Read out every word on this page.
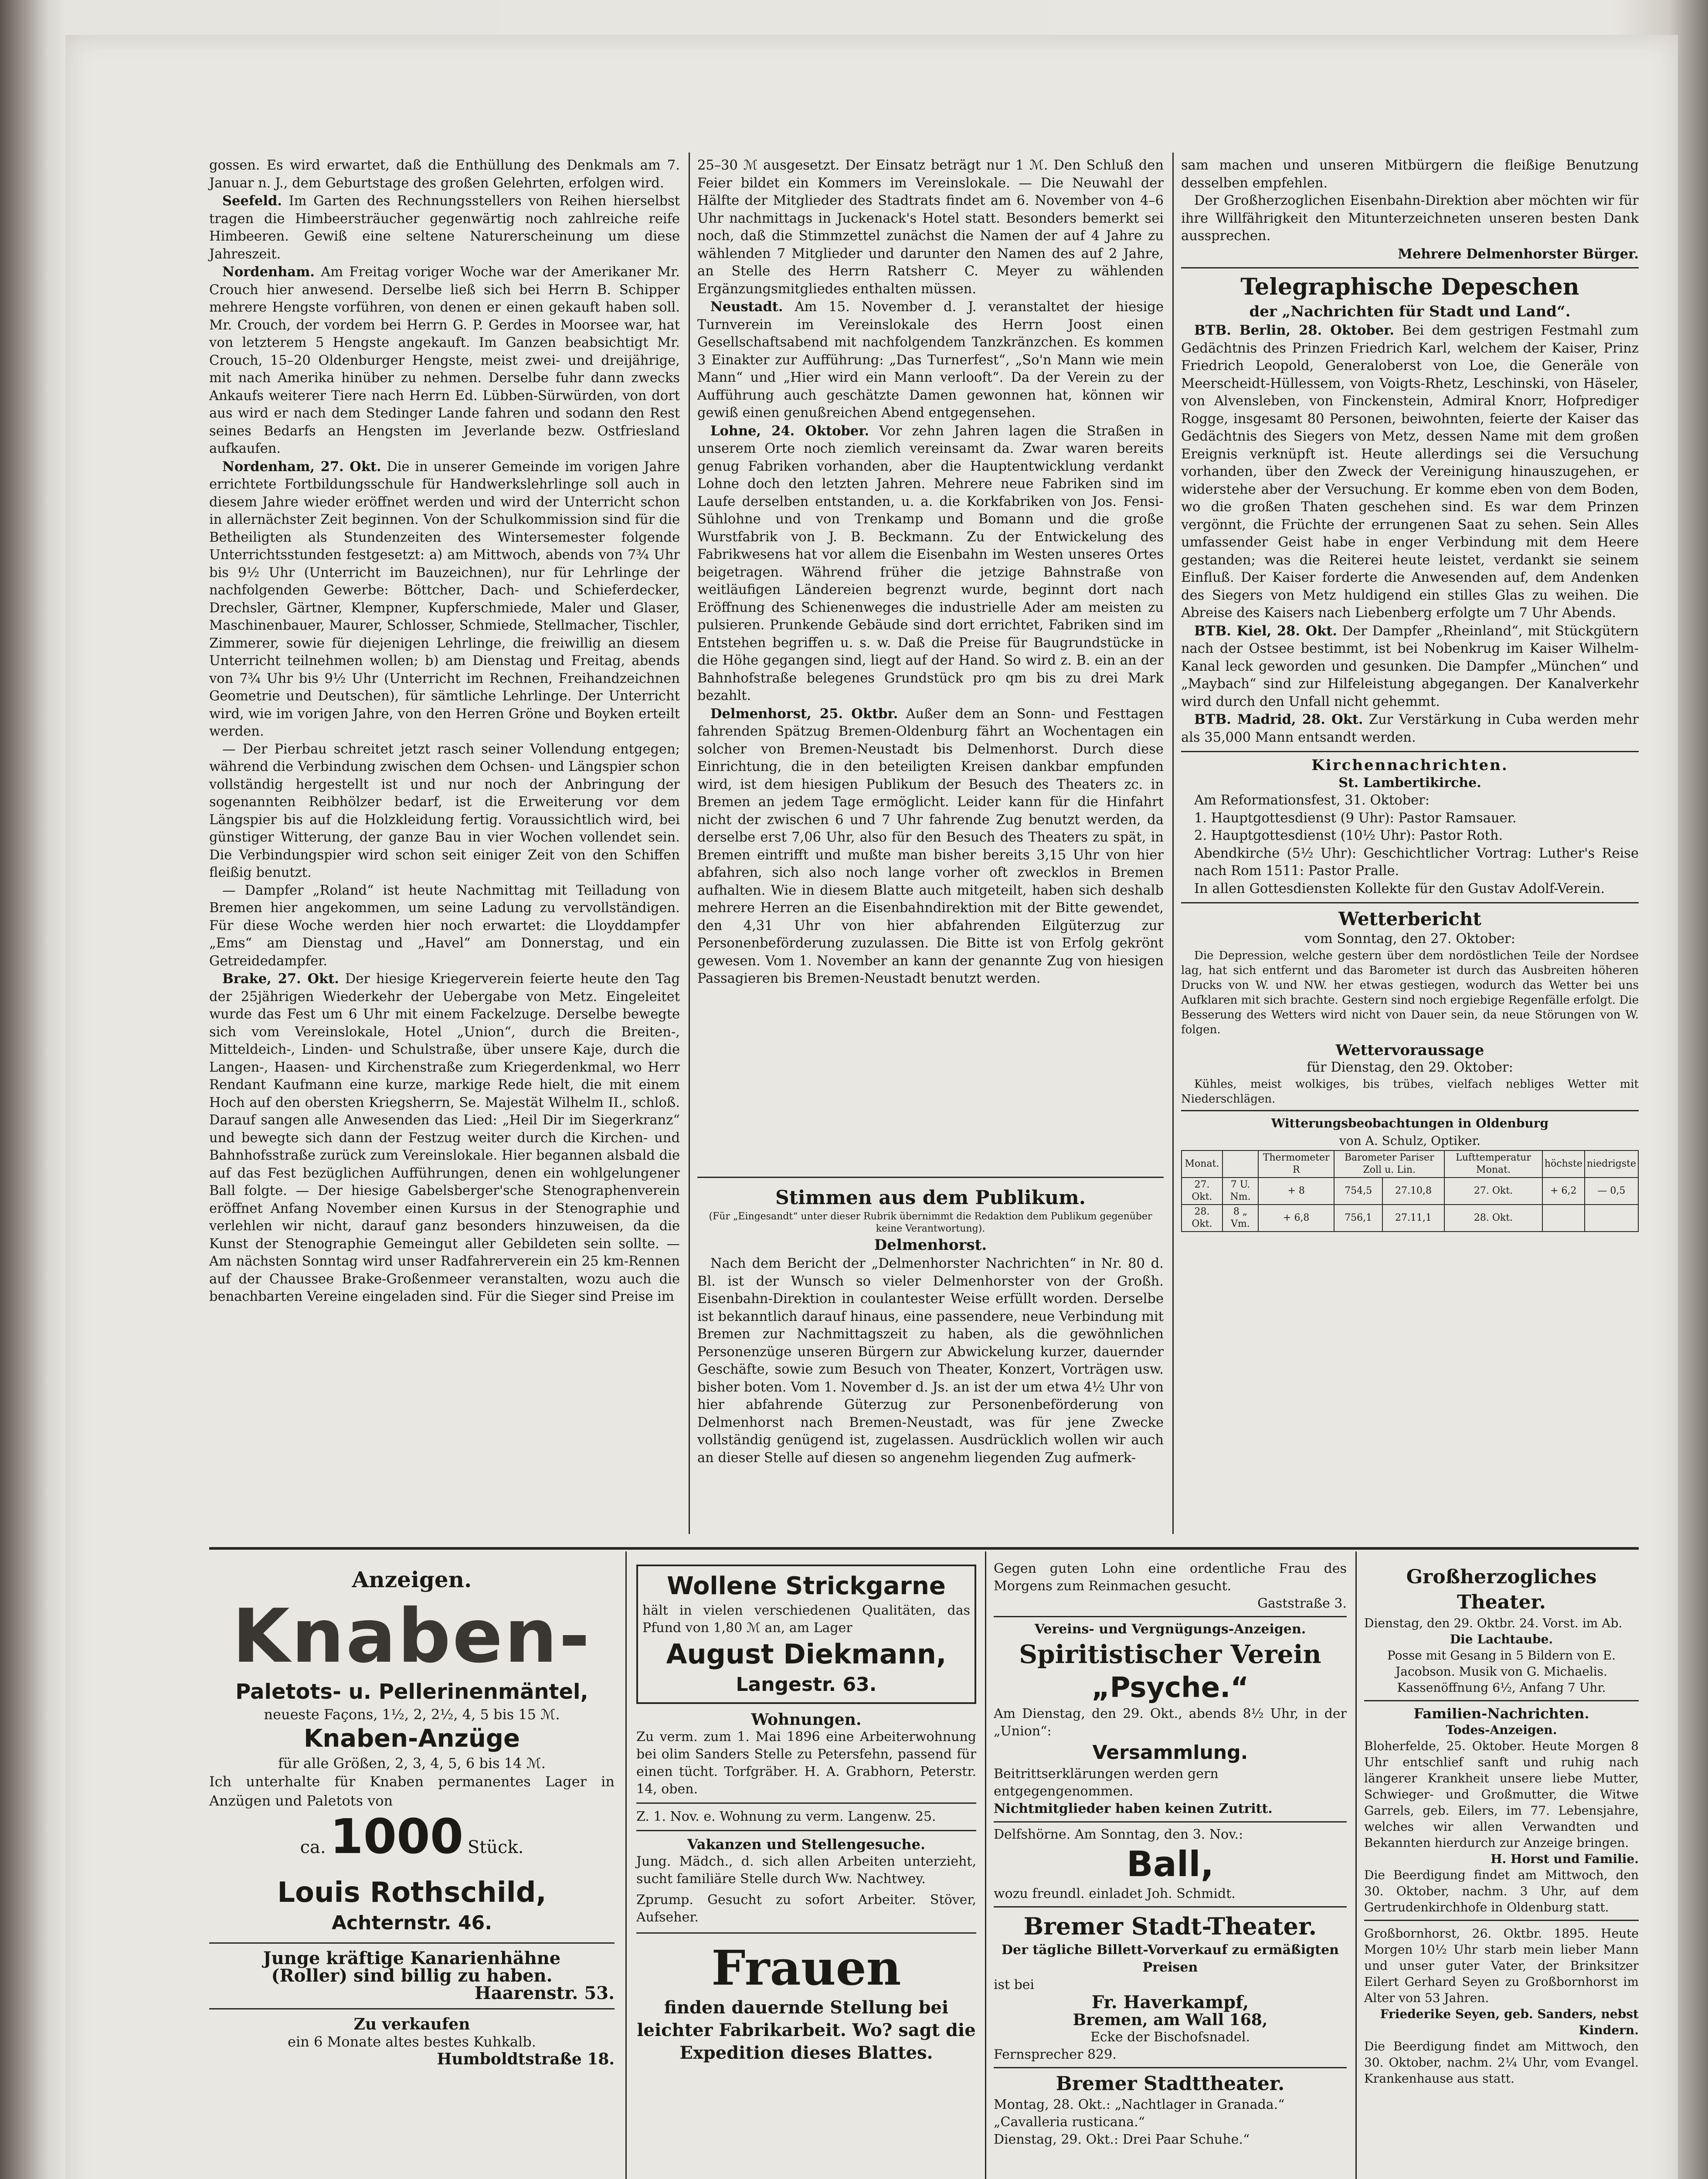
gossen. Es wird erwartet, daß die Enthüllung des Denkmals am 7. Januar n. J., dem Geburtstage des großen Gelehrten, erfolgen wird.

Seefeld. Im Garten des Rechnungsstellers von Reihen hierselbst tragen die Himbeersträucher gegenwärtig noch zahlreiche reife Himbeeren. Gewiß eine seltene Naturerscheinung um diese Jahreszeit.

Nordenham. Am Freitag voriger Woche war der Amerikaner Mr. Crouch hier anwesend. Derselbe ließ sich bei Herrn B. Schipper mehrere Hengste vorführen, von denen er einen gekauft haben soll. Mr. Crouch, der vordem bei Herrn G. P. Gerdes in Moorsee war, hat von letzterem 5 Hengste angekauft. Im Ganzen beabsichtigt Mr. Crouch, 15–20 Oldenburger Hengste, meist zwei- und dreijährige, mit nach Amerika hinüber zu nehmen. Derselbe fuhr dann zwecks Ankaufs weiterer Tiere nach Herrn Ed. Lübben-Sürwürden, von dort aus wird er nach dem Stedinger Lande fahren und sodann den Rest seines Bedarfs an Hengsten im Jeverlande bezw. Ostfriesland aufkaufen.

Nordenham, 27. Okt. Die in unserer Gemeinde im vorigen Jahre errichtete Fortbildungsschule für Handwerkslehrlinge soll auch in diesem Jahre wieder eröffnet werden und wird der Unterricht schon in allernächster Zeit beginnen. Von der Schulkommission sind für die Betheiligten als Stundenzeiten des Wintersemester folgende Unterrichtsstunden festgesetzt: a) am Mittwoch, abends von 7¾ Uhr bis 9½ Uhr (Unterricht im Bauzeichnen), nur für Lehrlinge der nachfolgenden Gewerbe: Böttcher, Dach- und Schieferdecker, Drechsler, Gärtner, Klempner, Kupferschmiede, Maler und Glaser, Maschinenbauer, Maurer, Schlosser, Schmiede, Stellmacher, Tischler, Zimmerer, sowie für diejenigen Lehrlinge, die freiwillig an diesem Unterricht teilnehmen wollen; b) am Dienstag und Freitag, abends von 7¾ Uhr bis 9½ Uhr (Unterricht im Rechnen, Freihandzeichnen Geometrie und Deutschen), für sämtliche Lehrlinge. Der Unterricht wird, wie im vorigen Jahre, von den Herren Gröne und Boyken erteilt werden.

— Der Pierbau schreitet jetzt rasch seiner Vollendung entgegen; während die Verbindung zwischen dem Ochsen- und Längspier schon vollständig hergestellt ist und nur noch der Anbringung der sogenannten Reibhölzer bedarf, ist die Erweiterung vor dem Längspier bis auf die Holzkleidung fertig. Voraussichtlich wird, bei günstiger Witterung, der ganze Bau in vier Wochen vollendet sein. Die Verbindungspier wird schon seit einiger Zeit von den Schiffen fleißig benutzt.

— Dampfer „Roland“ ist heute Nachmittag mit Teilladung von Bremen hier angekommen, um seine Ladung zu vervollständigen. Für diese Woche werden hier noch erwartet: die Lloyddampfer „Ems“ am Dienstag und „Havel“ am Donnerstag, und ein Getreidedampfer.

Brake, 27. Okt. Der hiesige Kriegerverein feierte heute den Tag der 25jährigen Wiederkehr der Uebergabe von Metz. Eingeleitet wurde das Fest um 6 Uhr mit einem Fackelzuge. Derselbe bewegte sich vom Vereinslokale, Hotel „Union“, durch die Breiten-, Mitteldeich-, Linden- und Schulstraße, über unsere Kaje, durch die Langen-, Haasen- und Kirchenstraße zum Kriegerdenkmal, wo Herr Rendant Kaufmann eine kurze, markige Rede hielt, die mit einem Hoch auf den obersten Kriegsherrn, Se. Majestät Wilhelm II., schloß. Darauf sangen alle Anwesenden das Lied: „Heil Dir im Siegerkranz“ und bewegte sich dann der Festzug weiter durch die Kirchen- und Bahnhofsstraße zurück zum Vereinslokale. Hier begannen alsbald die auf das Fest bezüglichen Aufführungen, denen ein wohlgelungener Ball folgte. — Der hiesige Gabelsberger'sche Stenographenverein eröffnet Anfang November einen Kursus in der Stenographie und verlehlen wir nicht, darauf ganz besonders hinzuweisen, da die Kunst der Stenographie Gemeingut aller Gebildeten sein sollte. — Am nächsten Sonntag wird unser Radfahrerverein ein 25 km-Rennen auf der Chaussee Brake-Großenmeer veranstalten, wozu auch die benachbarten Vereine eingeladen sind. Für die Sieger sind Preise im

25–30 ℳ ausgesetzt. Der Einsatz beträgt nur 1 ℳ. Den Schluß den Feier bildet ein Kommers im Vereinslokale. — Die Neuwahl der Hälfte der Mitglieder des Stadtrats findet am 6. November von 4–6 Uhr nachmittags in Juckenack's Hotel statt. Besonders bemerkt sei noch, daß die Stimmzettel zunächst die Namen der auf 4 Jahre zu wählenden 7 Mitglieder und darunter den Namen des auf 2 Jahre, an Stelle des Herrn Ratsherr C. Meyer zu wählenden Ergänzungsmitgliedes enthalten müssen.

Neustadt. Am 15. November d. J. veranstaltet der hiesige Turnverein im Vereinslokale des Herrn Joost einen Gesellschaftsabend mit nachfolgendem Tanzkränzchen. Es kommen 3 Einakter zur Aufführung: „Das Turnerfest“, „So'n Mann wie mein Mann“ und „Hier wird ein Mann verlooft“. Da der Verein zu der Aufführung auch geschätzte Damen gewonnen hat, können wir gewiß einen genußreichen Abend entgegensehen.

Lohne, 24. Oktober. Vor zehn Jahren lagen die Straßen in unserem Orte noch ziemlich vereinsamt da. Zwar waren bereits genug Fabriken vorhanden, aber die Hauptentwicklung verdankt Lohne doch den letzten Jahren. Mehrere neue Fabriken sind im Laufe derselben entstanden, u. a. die Korkfabriken von Jos. Fensi-Sühlohne und von Trenkamp und Bomann und die große Wurstfabrik von J. B. Beckmann. Zu der Entwickelung des Fabrikwesens hat vor allem die Eisenbahn im Westen unseres Ortes beigetragen. Während früher die jetzige Bahnstraße von weitläufigen Ländereien begrenzt wurde, beginnt dort nach Eröffnung des Schienenweges die industrielle Ader am meisten zu pulsieren. Prunkende Gebäude sind dort errichtet, Fabriken sind im Entstehen begriffen u. s. w. Daß die Preise für Baugrundstücke in die Höhe gegangen sind, liegt auf der Hand. So wird z. B. ein an der Bahnhofstraße belegenes Grundstück pro qm bis zu drei Mark bezahlt.

Delmenhorst, 25. Oktbr. Außer dem an Sonn- und Festtagen fahrenden Spätzug Bremen-Oldenburg fährt an Wochentagen ein solcher von Bremen-Neustadt bis Delmenhorst. Durch diese Einrichtung, die in den beteiligten Kreisen dankbar empfunden wird, ist dem hiesigen Publikum der Besuch des Theaters zc. in Bremen an jedem Tage ermöglicht. Leider kann für die Hinfahrt nicht der zwischen 6 und 7 Uhr fahrende Zug benutzt werden, da derselbe erst 7,06 Uhr, also für den Besuch des Theaters zu spät, in Bremen eintrifft und mußte man bisher bereits 3,15 Uhr von hier abfahren, sich also noch lange vorher oft zwecklos in Bremen aufhalten. Wie in diesem Blatte auch mitgeteilt, haben sich deshalb mehrere Herren an die Eisenbahndirektion mit der Bitte gewendet, den 4,31 Uhr von hier abfahrenden Eilgüterzug zur Personenbeförderung zuzulassen. Die Bitte ist von Erfolg gekrönt gewesen. Vom 1. November an kann der genannte Zug von hiesigen Passagieren bis Bremen-Neustadt benutzt werden.

Stimmen aus dem Publikum.
(Für „Eingesandt“ unter dieser Rubrik übernimmt die Redaktion dem Publikum gegenüber keine Verantwortung).
Delmenhorst.

Nach dem Bericht der „Delmenhorster Nachrichten“ in Nr. 80 d. Bl. ist der Wunsch so vieler Delmenhorster von der Großh. Eisenbahn-Direktion in coulantester Weise erfüllt worden. Derselbe ist bekanntlich darauf hinaus, eine passendere, neue Verbindung mit Bremen zur Nachmittagszeit zu haben, als die gewöhnlichen Personenzüge unseren Bürgern zur Abwickelung kurzer, dauernder Geschäfte, sowie zum Besuch von Theater, Konzert, Vorträgen usw. bisher boten. Vom 1. November d. Js. an ist der um etwa 4½ Uhr von hier abfahrende Güterzug zur Personenbeförderung von Delmenhorst nach Bremen-Neustadt, was für jene Zwecke vollständig genügend ist, zugelassen. Ausdrücklich wollen wir auch an dieser Stelle auf diesen so angenehm liegenden Zug aufmerk-

sam machen und unseren Mitbürgern die fleißige Benutzung desselben empfehlen.

Der Großherzoglichen Eisenbahn-Direktion aber möchten wir für ihre Willfährigkeit den Mitunterzeichneten unseren besten Dank aussprechen.

Mehrere Delmenhorster Bürger.
Telegraphische Depeschen
der „Nachrichten für Stadt und Land“.

BTB. Berlin, 28. Oktober. Bei dem gestrigen Festmahl zum Gedächtnis des Prinzen Friedrich Karl, welchem der Kaiser, Prinz Friedrich Leopold, Generaloberst von Loe, die Generäle von Meerscheidt-Hüllessem, von Voigts-Rhetz, Leschinski, von Häseler, von Alvensleben, von Finckenstein, Admiral Knorr, Hofprediger Rogge, insgesamt 80 Personen, beiwohnten, feierte der Kaiser das Gedächtnis des Siegers von Metz, dessen Name mit dem großen Ereignis verknüpft ist. Heute allerdings sei die Versuchung vorhanden, über den Zweck der Vereinigung hinauszugehen, er widerstehe aber der Versuchung. Er komme eben von dem Boden, wo die großen Thaten geschehen sind. Es war dem Prinzen vergönnt, die Früchte der errungenen Saat zu sehen. Sein Alles umfassender Geist habe in enger Verbindung mit dem Heere gestanden; was die Reiterei heute leistet, verdankt sie seinem Einfluß. Der Kaiser forderte die Anwesenden auf, dem Andenken des Siegers von Metz huldigend ein stilles Glas zu weihen. Die Abreise des Kaisers nach Liebenberg erfolgte um 7 Uhr Abends.

BTB. Kiel, 28. Okt. Der Dampfer „Rheinland“, mit Stückgütern nach der Ostsee bestimmt, ist bei Nobenkrug im Kaiser Wilhelm-Kanal leck geworden und gesunken. Die Dampfer „München“ und „Maybach“ sind zur Hilfeleistung abgegangen. Der Kanalverkehr wird durch den Unfall nicht gehemmt.

BTB. Madrid, 28. Okt. Zur Verstärkung in Cuba werden mehr als 35,000 Mann entsandt werden.

Kirchennachrichten.
St. Lambertikirche.
Am Reformationsfest, 31. Oktober:
1. Hauptgottesdienst (9 Uhr): Pastor Ramsauer.
2. Hauptgottesdienst (10½ Uhr): Pastor Roth.
Abendkirche (5½ Uhr): Geschichtlicher Vortrag: Luther's Reise nach Rom 1511: Pastor Pralle.
In allen Gottesdiensten Kollekte für den Gustav Adolf-Verein.
Wetterbericht
vom Sonntag, den 27. Oktober:

Die Depression, welche gestern über dem nordöstlichen Teile der Nordsee lag, hat sich entfernt und das Barometer ist durch das Ausbreiten höheren Drucks von W. und NW. her etwas gestiegen, wodurch das Wetter bei uns Aufklaren mit sich brachte. Gestern sind noch ergiebige Regenfälle erfolgt. Die Besserung des Wetters wird nicht von Dauer sein, da neue Störungen von W. folgen.

Wettervoraussage
für Dienstag, den 29. Oktober:

Kühles, meist wolkiges, bis trübes, vielfach nebliges Wetter mit Niederschlägen.

Witterungsbeobachtungen in Oldenburg
von A. Schulz, Optiker.
Monat.		Thermometer R	Barometer Pariser Zoll u. Lin.		Lufttemperatur Monat.	höchste	niedrigste
27. Okt.	7 U. Nm.	+ 8	754,5	27.10,8	27. Okt.	+ 6,2	— 0,5
28. Okt.	8 „ Vm.	+ 6,8	756,1	27.11,1	28. Okt.		
Anzeigen.
Knaben-
Paletots- u. Pellerinenmäntel,
neueste Façons, 1½, 2, 2½, 4, 5 bis 15 ℳ.
Knaben-Anzüge
für alle Größen, 2, 3, 4, 5, 6 bis 14 ℳ.
Ich unterhalte für Knaben permanentes Lager in Anzügen und Paletots von
ca. 1000 Stück.
Louis Rothschild,
Achternstr. 46.
Junge kräftige Kanarienhähne
(Roller) sind billig zu haben.
Haarenstr. 53.
Zu verkaufen
ein 6 Monate altes bestes Kuhkalb.
Humboldtstraße 18.
Wollene Strickgarne
hält in vielen verschiedenen Qualitäten, das Pfund von 1,80 ℳ an, am Lager
August Diekmann,
Langestr. 63.
Wohnungen.
Zu verm. zum 1. Mai 1896 eine Arbeiterwohnung bei olim Sanders Stelle zu Petersfehn, passend für einen tücht. Torfgräber. H. A. Grabhorn, Peterstr. 14, oben.
Z. 1. Nov. e. Wohnung zu verm. Langenw. 25.
Vakanzen und Stellengesuche.
Jung. Mädch., d. sich allen Arbeiten unterzieht, sucht familiäre Stelle durch Ww. Nachtwey.
Zprump. Gesucht zu sofort Arbeiter. Stöver, Aufseher.
Frauen
finden dauernde Stellung bei leichter Fabrikarbeit. Wo? sagt die Expedition dieses Blattes.
Gegen guten Lohn eine ordentliche Frau des Morgens zum Reinmachen gesucht.
Gaststraße 3.
Vereins- und Vergnügungs-Anzeigen.
Spiritistischer Verein
„Psyche.“
Am Dienstag, den 29. Okt., abends 8½ Uhr, in der „Union“:
Versammlung.
Beitrittserklärungen werden gern entgegengenommen.
Nichtmitglieder haben keinen Zutritt.
Delfshörne. Am Sonntag, den 3. Nov.:
Ball,
wozu freundl. einladet Joh. Schmidt.
Bremer Stadt-Theater.
Der tägliche Billett-Vorverkauf zu ermäßigten Preisen
ist bei
Fr. Haverkampf,
Bremen, am Wall 168,
Ecke der Bischofsnadel.
Fernsprecher 829.
Bremer Stadttheater.
Montag, 28. Okt.: „Nachtlager in Granada.“ „Cavalleria rusticana.“
Dienstag, 29. Okt.: Drei Paar Schuhe.“
Großherzogliches Theater.
Dienstag, den 29. Oktbr. 24. Vorst. im Ab.
Die Lachtaube.
Posse mit Gesang in 5 Bildern von E. Jacobson. Musik von G. Michaelis.
Kassenöffnung 6½, Anfang 7 Uhr.
Familien-Nachrichten.
Todes-Anzeigen.
Bloherfelde, 25. Oktober. Heute Morgen 8 Uhr entschlief sanft und ruhig nach längerer Krankheit unsere liebe Mutter, Schwieger- und Großmutter, die Witwe Garrels, geb. Eilers, im 77. Lebensjahre, welches wir allen Verwandten und Bekannten hierdurch zur Anzeige bringen.
H. Horst und Familie.
Die Beerdigung findet am Mittwoch, den 30. Oktober, nachm. 3 Uhr, auf dem Gertrudenkirchhofe in Oldenburg statt.
Großbornhorst, 26. Oktbr. 1895. Heute Morgen 10½ Uhr starb mein lieber Mann und unser guter Vater, der Brinksitzer Eilert Gerhard Seyen zu Großbornhorst im Alter von 53 Jahren.
Friederike Seyen, geb. Sanders, nebst Kindern.
Die Beerdigung findet am Mittwoch, den 30. Oktober, nachm. 2¼ Uhr, vom Evangel. Krankenhause aus statt.
